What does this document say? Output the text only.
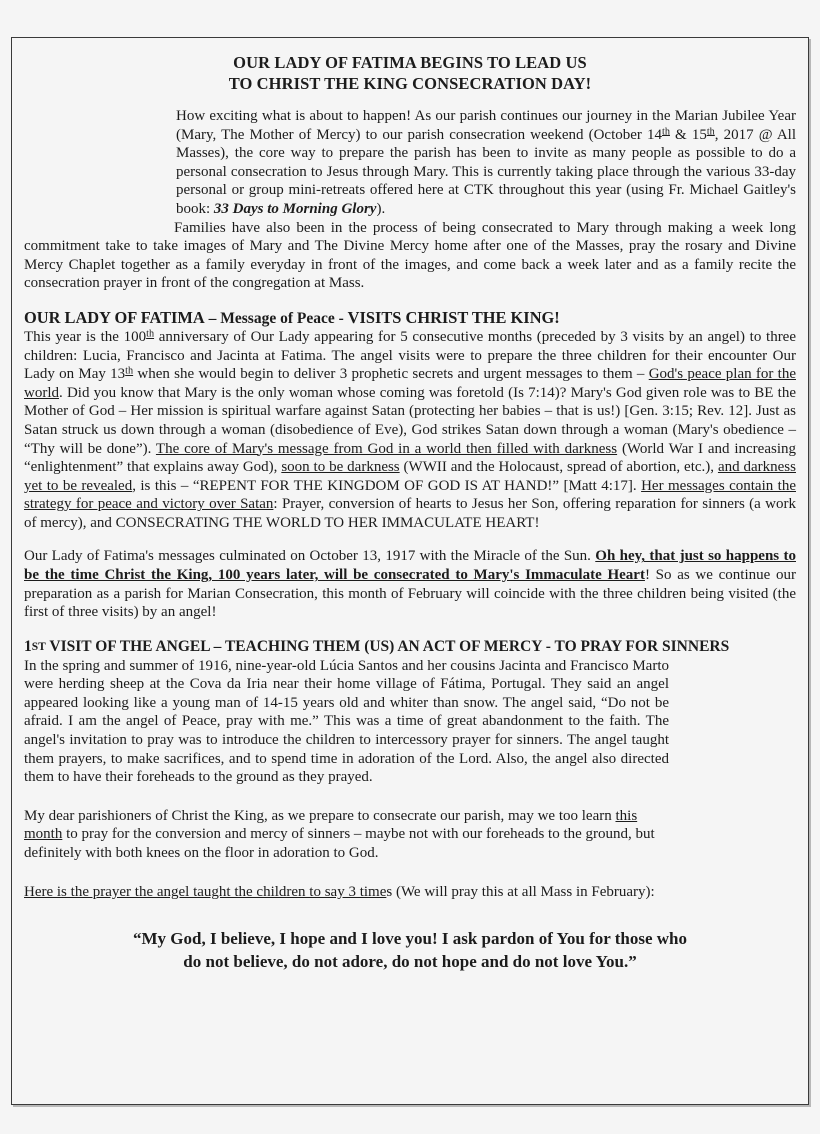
OUR LADY OF FATIMA BEGINS TO LEAD US
TO CHRIST THE KING CONSECRATION DAY!

How exciting what is about to happen! As our parish continues our journey in the Marian Jubilee Year (Mary, The Mother of Mercy) to our parish consecration weekend (October 14th & 15th, 2017 @ All Masses), the core way to prepare the parish has been to invite as many people as possible to do a personal consecration to Jesus through Mary. This is currently taking place through the various 33-day personal or group mini-retreats offered here at CTK throughout this year (using Fr. Michael Gaitley's book: 33 Days to Morning Glory).

Families have also been in the process of being consecrated to Mary through making a week long commitment take to take images of Mary and The Divine Mercy home after one of the Masses, pray the rosary and Divine Mercy Chaplet together as a family everyday in front of the images, and come back a week later and as a family recite the consecration prayer in front of the congregation at Mass.

OUR LADY OF FATIMA – Message of Peace - VISITS CHRIST THE KING!

This year is the 100th anniversary of Our Lady appearing for 5 consecutive months (preceded by 3 visits by an angel) to three children: Lucia, Francisco and Jacinta at Fatima. The angel visits were to prepare the three children for their encounter Our Lady on May 13th when she would begin to deliver 3 prophetic secrets and urgent messages to them – God's peace plan for the world. Did you know that Mary is the only woman whose coming was foretold (Is 7:14)? Mary's God given role was to BE the Mother of God – Her mission is spiritual warfare against Satan (protecting her babies – that is us!) [Gen. 3:15; Rev. 12]. Just as Satan struck us down through a woman (disobedience of Eve), God strikes Satan down through a woman (Mary's obedience – “Thy will be done”). The core of Mary's message from God in a world then filled with darkness (World War I and increasing “enlightenment” that explains away God), soon to be darkness (WWII and the Holocaust, spread of abortion, etc.), and darkness yet to be revealed, is this – “REPENT FOR THE KINGDOM OF GOD IS AT HAND!” [Matt 4:17]. Her messages contain the strategy for peace and victory over Satan: Prayer, conversion of hearts to Jesus her Son, offering reparation for sinners (a work of mercy), and CONSECRATING THE WORLD TO HER IMMACULATE HEART!

Our Lady of Fatima's messages culminated on October 13, 1917 with the Miracle of the Sun. Oh hey, that just so happens to be the time Christ the King, 100 years later, will be consecrated to Mary's Immaculate Heart! So as we continue our preparation as a parish for Marian Consecration, this month of February will coincide with the three children being visited (the first of three visits) by an angel!

1ST VISIT OF THE ANGEL – TEACHING THEM (US) AN ACT OF MERCY - TO PRAY FOR SINNERS

In the spring and summer of 1916, nine-year-old Lúcia Santos and her cousins Jacinta and Francisco Marto were herding sheep at the Cova da Iria near their home village of Fátima, Portugal. They said an angel appeared looking like a young man of 14-15 years old and whiter than snow. The angel said, “Do not be afraid. I am the angel of Peace, pray with me.” This was a time of great abandonment to the faith. The angel's invitation to pray was to introduce the children to intercessory prayer for sinners. The angel taught them prayers, to make sacrifices, and to spend time in adoration of the Lord. Also, the angel also directed them to have their foreheads to the ground as they prayed.

My dear parishioners of Christ the King, as we prepare to consecrate our parish, may we too learn this month to pray for the conversion and mercy of sinners – maybe not with our foreheads to the ground, but definitely with both knees on the floor in adoration to God.

Here is the prayer the angel taught the children to say 3 times (We will pray this at all Mass in February):

“My God, I believe, I hope and I love you! I ask pardon of You for those who
do not believe, do not adore, do not hope and do not love You.”
